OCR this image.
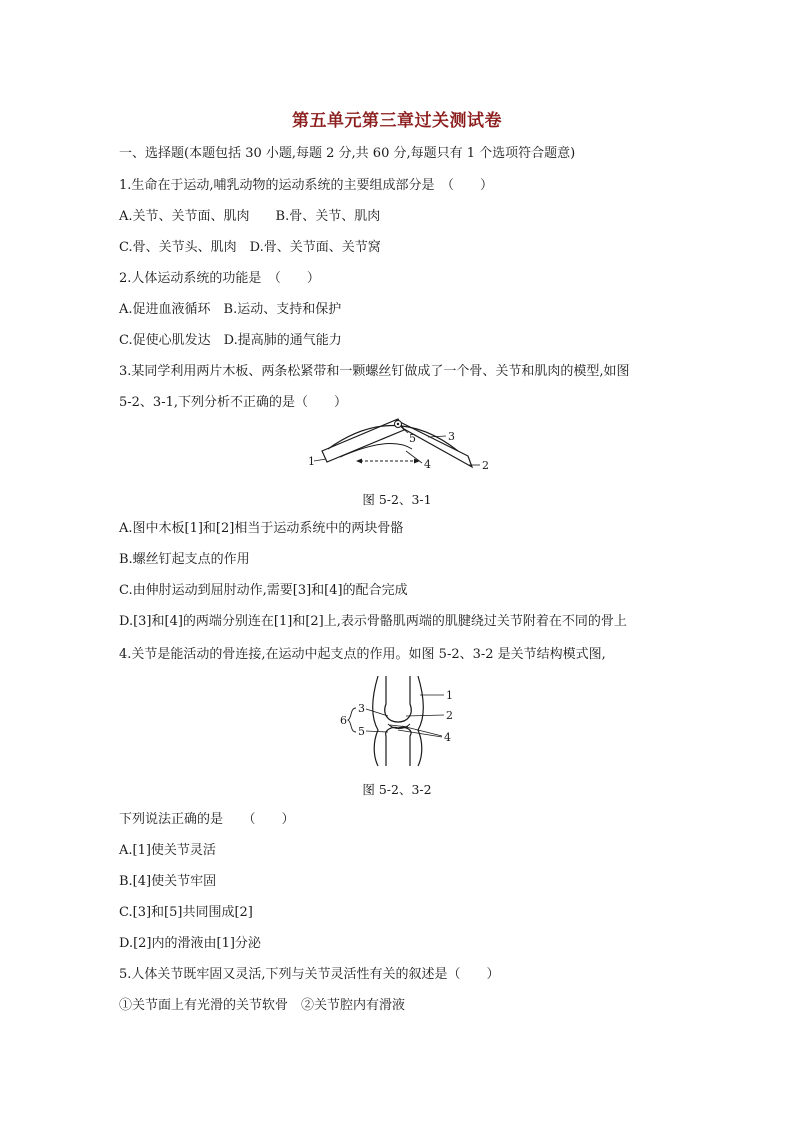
第五单元第三章过关测试卷
一、选择题(本题包括 30 小题,每题 2 分,共 60 分,每题只有 1 个选项符合题意)
1.生命在于运动,哺乳动物的运动系统的主要组成部分是　（　　）
A.关节、关节面、肌肉　　B.骨、关节、肌肉
C.骨、关节头、肌肉　D.骨、关节面、关节窝
2.人体运动系统的功能是　（　　）
A.促进血液循环　B.运动、支持和保护
C.促使心肌发达　D.提高肺的通气能力
3.某同学利用两片木板、两条松紧带和一颗螺丝钉做成了一个骨、关节和肌肉的模型,如图
5-2、3-1,下列分析不正确的是（　　）
1	2
3
4
5
图 5-2、3-1
A.图中木板[1]和[2]相当于运动系统中的两块骨骼
B.螺丝钉起支点的作用
C.由伸肘运动到屈肘动作,需要[3]和[4]的配合完成
D.[3]和[4]的两端分别连在[1]和[2]上,表示骨骼肌两端的肌腱绕过关节附着在不同的骨上
4.关节是能活动的骨连接,在运动中起支点的作用。如图 5-2、3-2 是关节结构模式图,
1
2
3
4
5
6
图 5-2、3-2
下列说法正确的是　　（　　）
A.[1]使关节灵活
B.[4]使关节牢固
C.[3]和[5]共同围成[2]
D.[2]内的滑液由[1]分泌
5.人体关节既牢固又灵活,下列与关节灵活性有关的叙述是（　　）
①关节面上有光滑的关节软骨　②关节腔内有滑液
